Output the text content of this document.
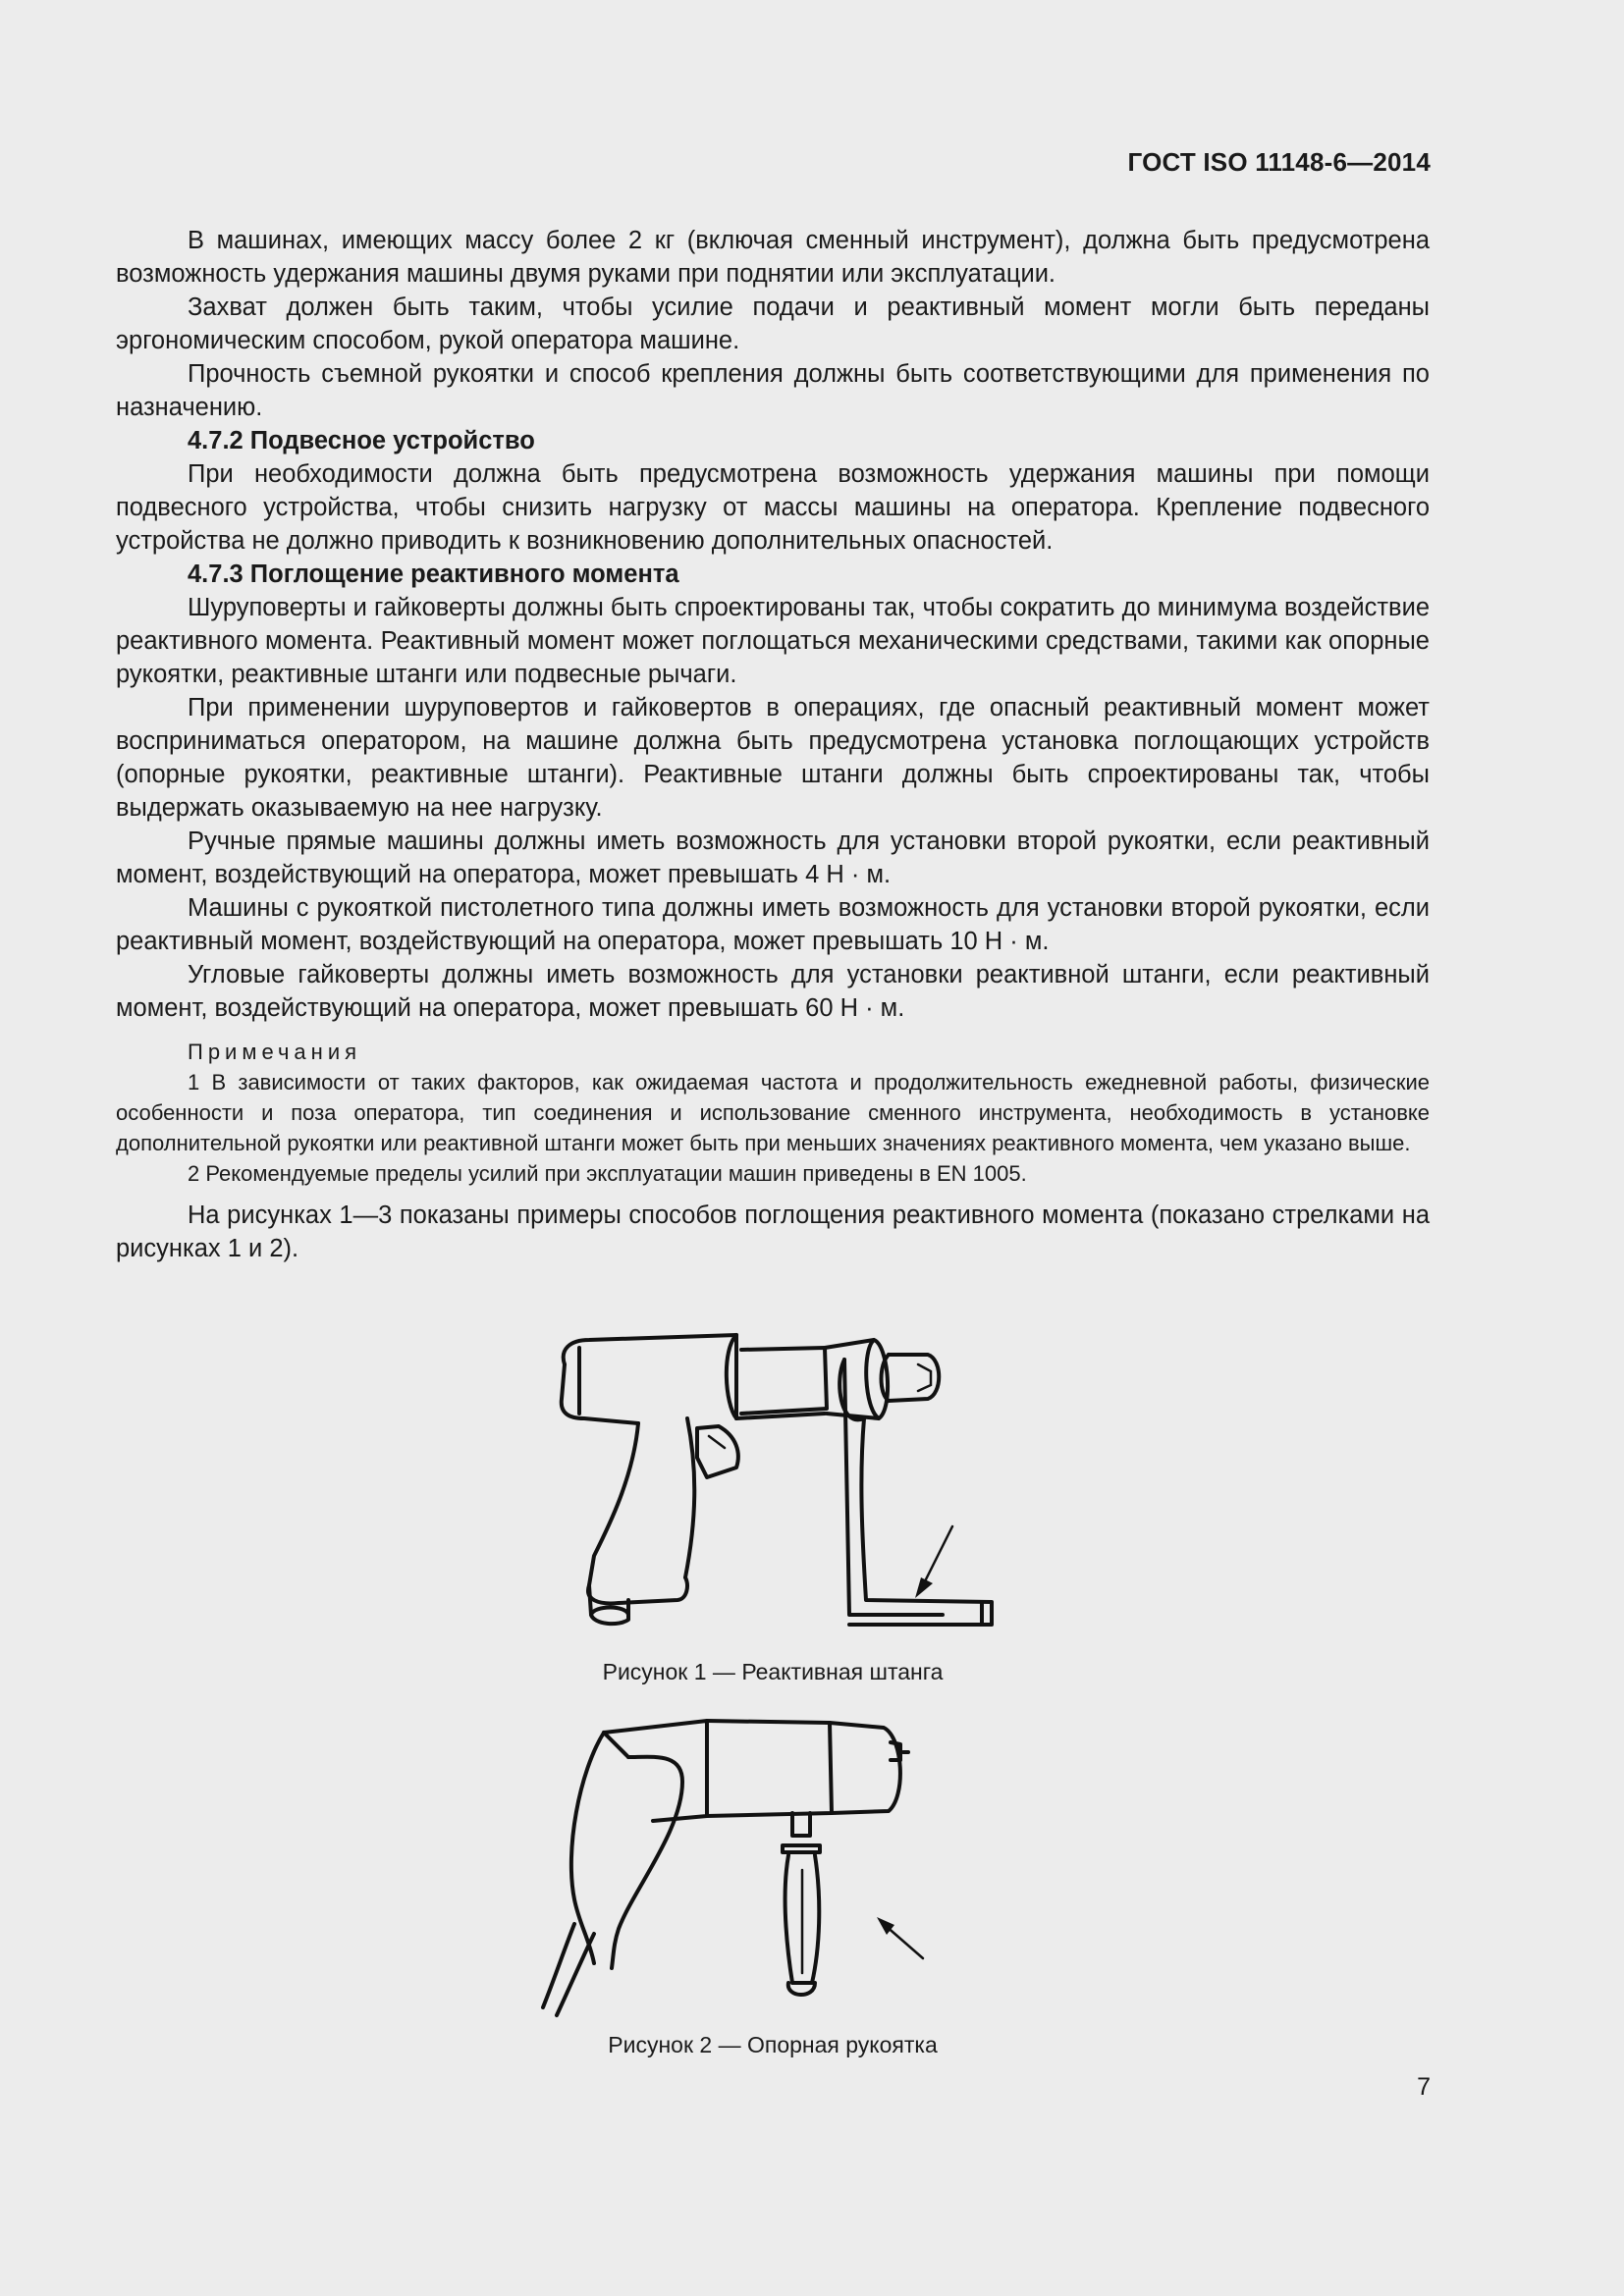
ГОСТ ISO 11148-6—2014

В машинах, имеющих массу более 2 кг (включая сменный инструмент), должна быть предусмотрена возможность удержания машины двумя руками при поднятии или эксплуатации.

Захват должен быть таким, чтобы усилие подачи и реактивный момент могли быть переданы эргономическим способом, рукой оператора машине.

Прочность съемной рукоятки и способ крепления должны быть соответствующими для применения по назначению.

4.7.2 Подвесное устройство

При необходимости должна быть предусмотрена возможность удержания машины при помощи подвесного устройства, чтобы снизить нагрузку от массы машины на оператора. Крепление подвесного устройства не должно приводить к возникновению дополнительных опасностей.

4.7.3 Поглощение реактивного момента

Шуруповерты и гайковерты должны быть спроектированы так, чтобы сократить до минимума воздействие реактивного момента. Реактивный момент может поглощаться механическими средствами, такими как опорные рукоятки, реактивные штанги или подвесные рычаги.

При применении шуруповертов и гайковертов в операциях, где опасный реактивный момент может восприниматься оператором, на машине должна быть предусмотрена установка поглощающих устройств (опорные рукоятки, реактивные штанги). Реактивные штанги должны быть спроектированы так, чтобы выдержать оказываемую на нее нагрузку.

Ручные прямые машины должны иметь возможность для установки второй рукоятки, если реактивный момент, воздействующий на оператора, может превышать 4 Н · м.

Машины с рукояткой пистолетного типа должны иметь возможность для установки второй рукоятки, если реактивный момент, воздействующий на оператора, может превышать 10 Н · м.

Угловые гайковерты должны иметь возможность для установки реактивной штанги, если реактивный момент, воздействующий на оператора, может превышать 60 Н · м.

Примечания

1 В зависимости от таких факторов, как ожидаемая частота и продолжительность ежедневной работы, физические особенности и поза оператора, тип соединения и использование сменного инструмента, необходимость в установке дополнительной рукоятки или реактивной штанги может быть при меньших значениях реактивного момента, чем указано выше.

2 Рекомендуемые пределы усилий при эксплуатации машин приведены в EN 1005.

На рисунках 1—3 показаны примеры способов поглощения реактивного момента (показано стрелками на рисунках 1 и 2).

Рисунок 1 — Реактивная штанга
Рисунок 2 — Опорная рукоятка
7
